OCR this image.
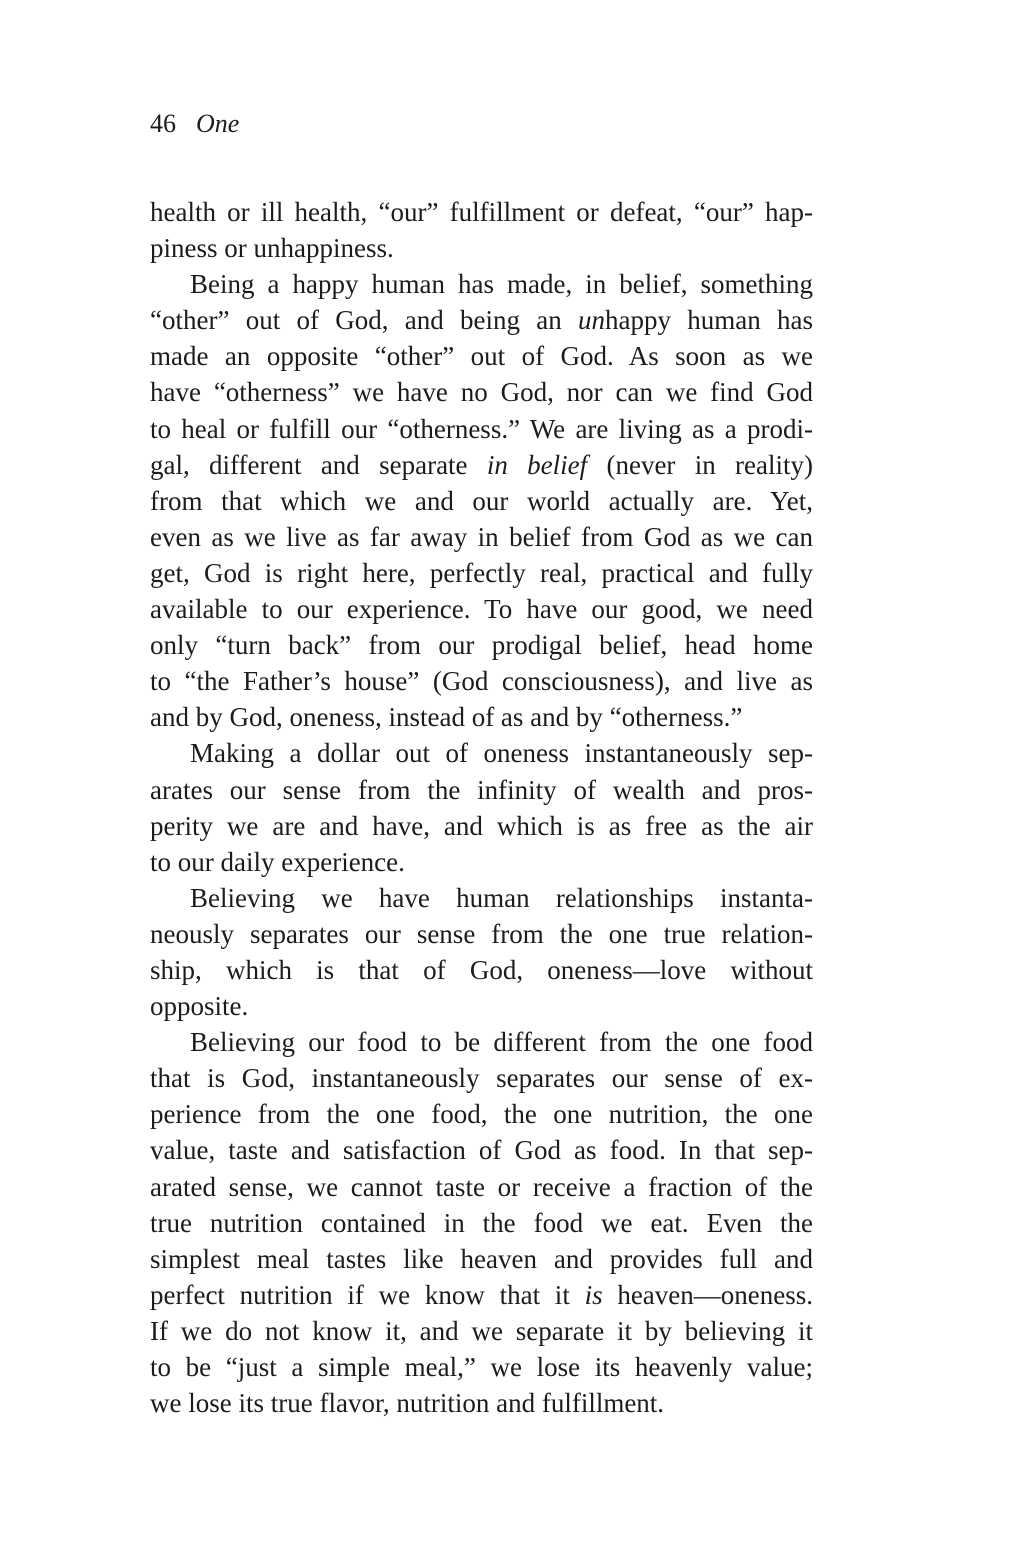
46 One
health or ill health, “our” fulfillment or defeat, “our” hap-
piness or unhappiness.
Being a happy human has made, in belief, something
“other” out of God, and being an unhappy human has
made an opposite “other” out of God. As soon as we
have “otherness” we have no God, nor can we find God
to heal or fulfill our “otherness.” We are living as a prodi-
gal, different and separate in belief (never in reality)
from that which we and our world actually are. Yet,
even as we live as far away in belief from God as we can
get, God is right here, perfectly real, practical and fully
available to our experience. To have our good, we need
only “turn back” from our prodigal belief, head home
to “the Father’s house” (God consciousness), and live as
and by God, oneness, instead of as and by “otherness.”
Making a dollar out of oneness instantaneously sep-
arates our sense from the infinity of wealth and pros-
perity we are and have, and which is as free as the air
to our daily experience.
Believing we have human relationships instanta-
neously separates our sense from the one true relation-
ship, which is that of God, oneness—love without
opposite.
Believing our food to be different from the one food
that is God, instantaneously separates our sense of ex-
perience from the one food, the one nutrition, the one
value, taste and satisfaction of God as food. In that sep-
arated sense, we cannot taste or receive a fraction of the
true nutrition contained in the food we eat. Even the
simplest meal tastes like heaven and provides full and
perfect nutrition if we know that it is heaven—oneness.
If we do not know it, and we separate it by believing it
to be “just a simple meal,” we lose its heavenly value;
we lose its true flavor, nutrition and fulfillment.
